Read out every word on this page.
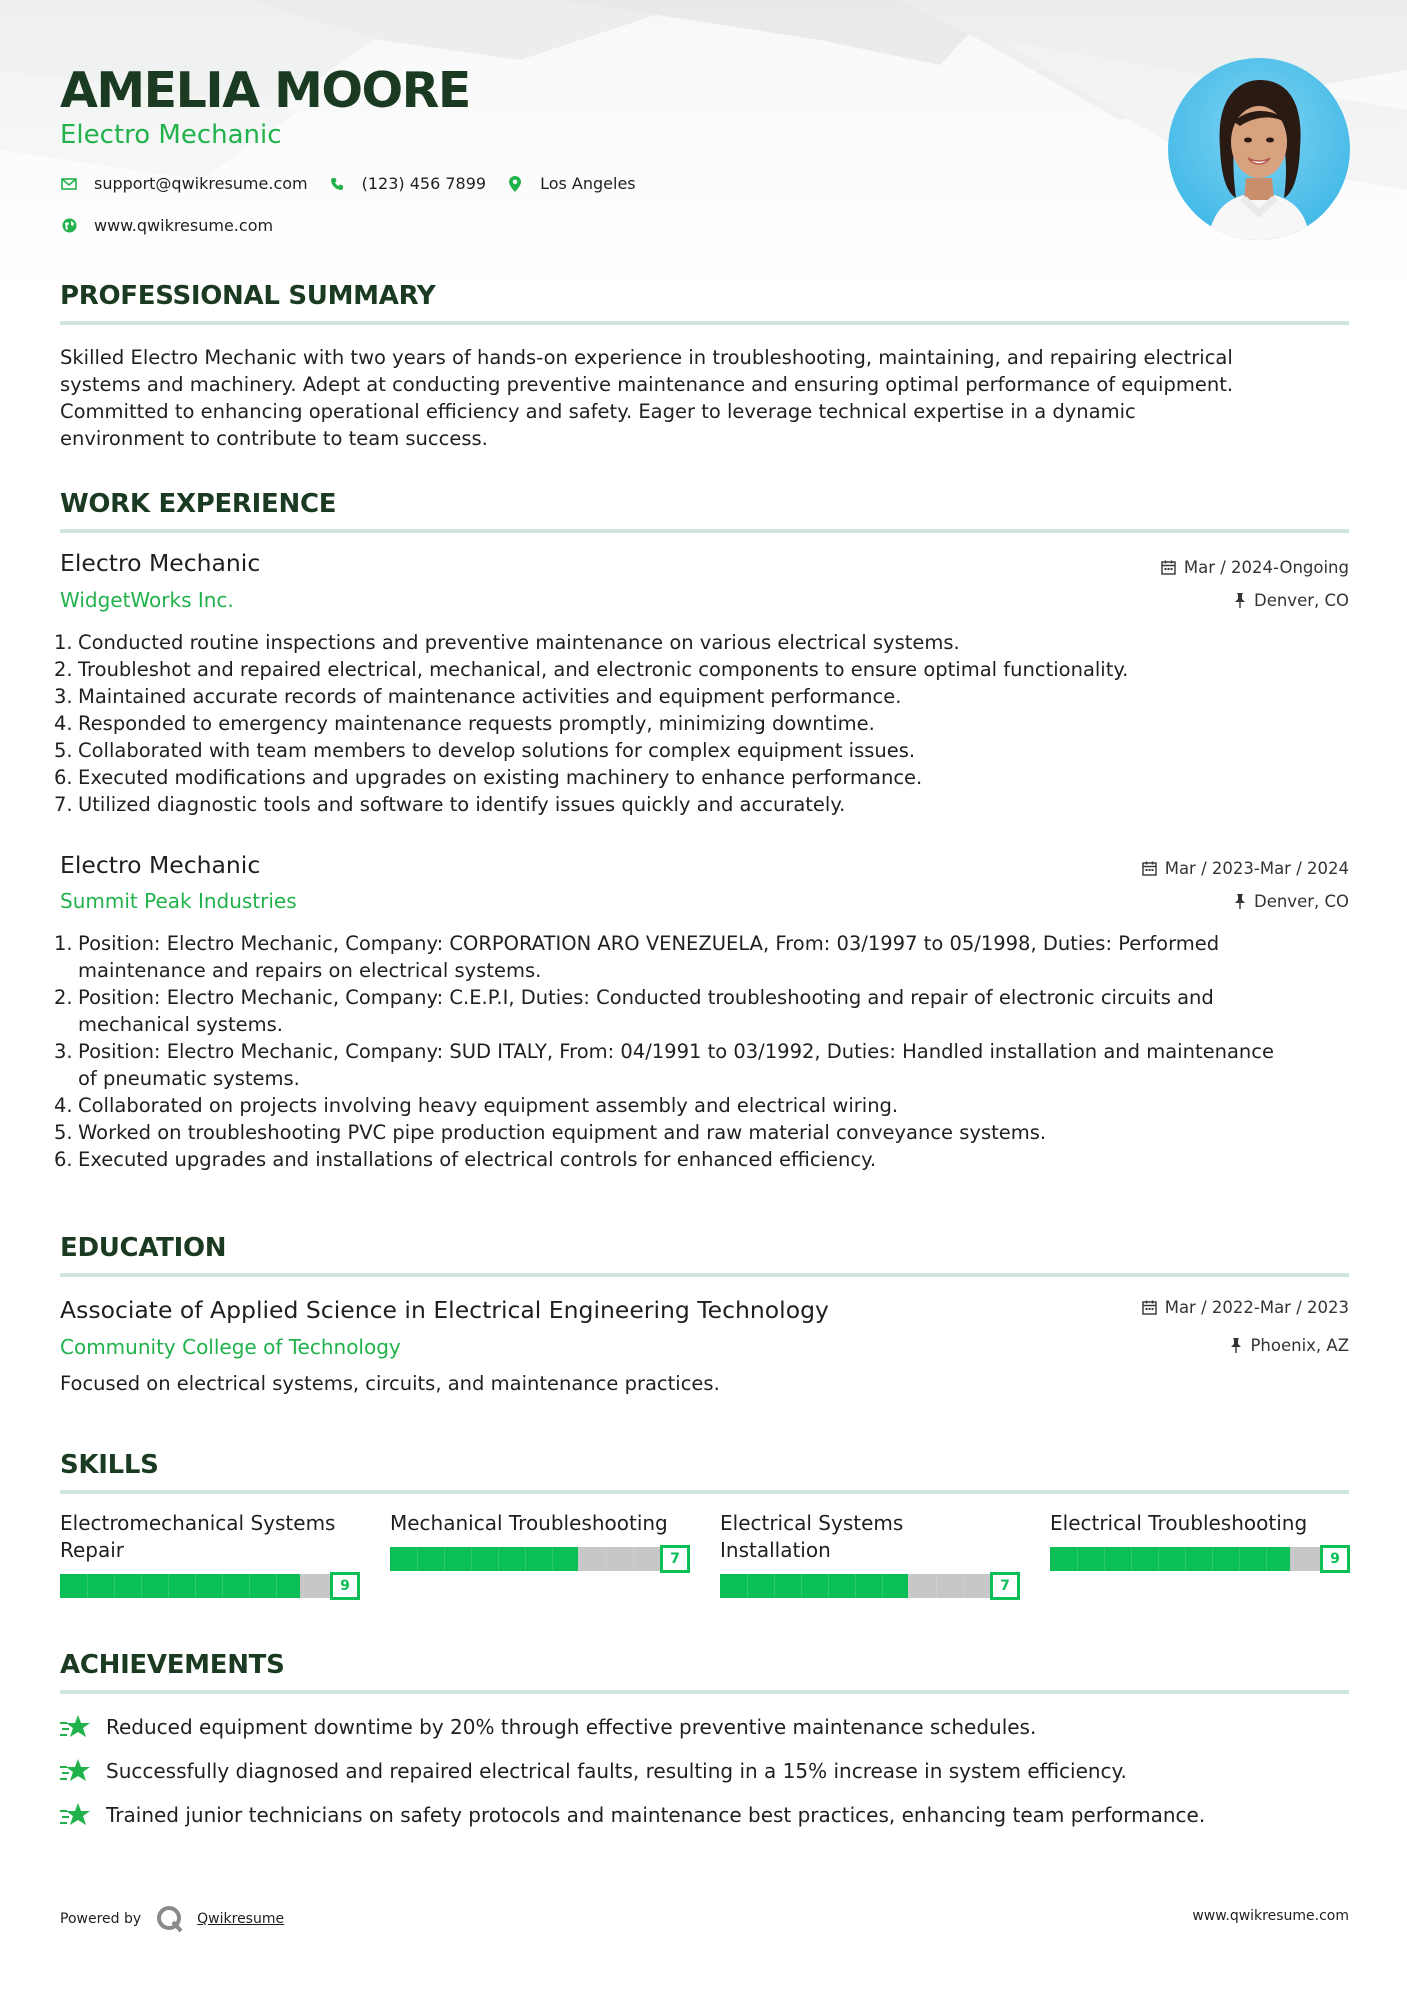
AMELIA MOORE
Electro Mechanic
support@qwikresume.com	(123) 456 7899	Los Angeles
www.qwikresume.com
PROFESSIONAL SUMMARY
Skilled Electro Mechanic with two years of hands-on experience in troubleshooting, maintaining, and repairing electrical
systems and machinery. Adept at conducting preventive maintenance and ensuring optimal performance of equipment.
Committed to enhancing operational efficiency and safety. Eager to leverage technical expertise in a dynamic
environment to contribute to team success.
WORK EXPERIENCE
Electro Mechanic	Mar / 2024-Ongoing
WidgetWorks Inc.	Denver, CO
1. Conducted routine inspections and preventive maintenance on various electrical systems.
2. Troubleshot and repaired electrical, mechanical, and electronic components to ensure optimal functionality.
3. Maintained accurate records of maintenance activities and equipment performance.
4. Responded to emergency maintenance requests promptly, minimizing downtime.
5. Collaborated with team members to develop solutions for complex equipment issues.
6. Executed modifications and upgrades on existing machinery to enhance performance.
7. Utilized diagnostic tools and software to identify issues quickly and accurately.
Electro Mechanic	Mar / 2023-Mar / 2024
Summit Peak Industries	Denver, CO
1. Position: Electro Mechanic, Company: CORPORATION ARO VENEZUELA, From: 03/1997 to 05/1998, Duties: Performed
maintenance and repairs on electrical systems.
2. Position: Electro Mechanic, Company: C.E.P.I, Duties: Conducted troubleshooting and repair of electronic circuits and
mechanical systems.
3. Position: Electro Mechanic, Company: SUD ITALY, From: 04/1991 to 03/1992, Duties: Handled installation and maintenance
of pneumatic systems.
4. Collaborated on projects involving heavy equipment assembly and electrical wiring.
5. Worked on troubleshooting PVC pipe production equipment and raw material conveyance systems.
6. Executed upgrades and installations of electrical controls for enhanced efficiency.
EDUCATION
Associate of Applied Science in Electrical Engineering Technology	Mar / 2022-Mar / 2023
Community College of Technology	Phoenix, AZ
Focused on electrical systems, circuits, and maintenance practices.
SKILLS
Electromechanical Systems
Repair
9
Mechanical Troubleshooting
7
Electrical Systems
Installation
7
Electrical Troubleshooting
9
ACHIEVEMENTS
Reduced equipment downtime by 20% through effective preventive maintenance schedules.
Successfully diagnosed and repaired electrical faults, resulting in a 15% increase in system efficiency.
Trained junior technicians on safety protocols and maintenance best practices, enhancing team performance.
Powered by	Qwikresume	www.qwikresume.com
